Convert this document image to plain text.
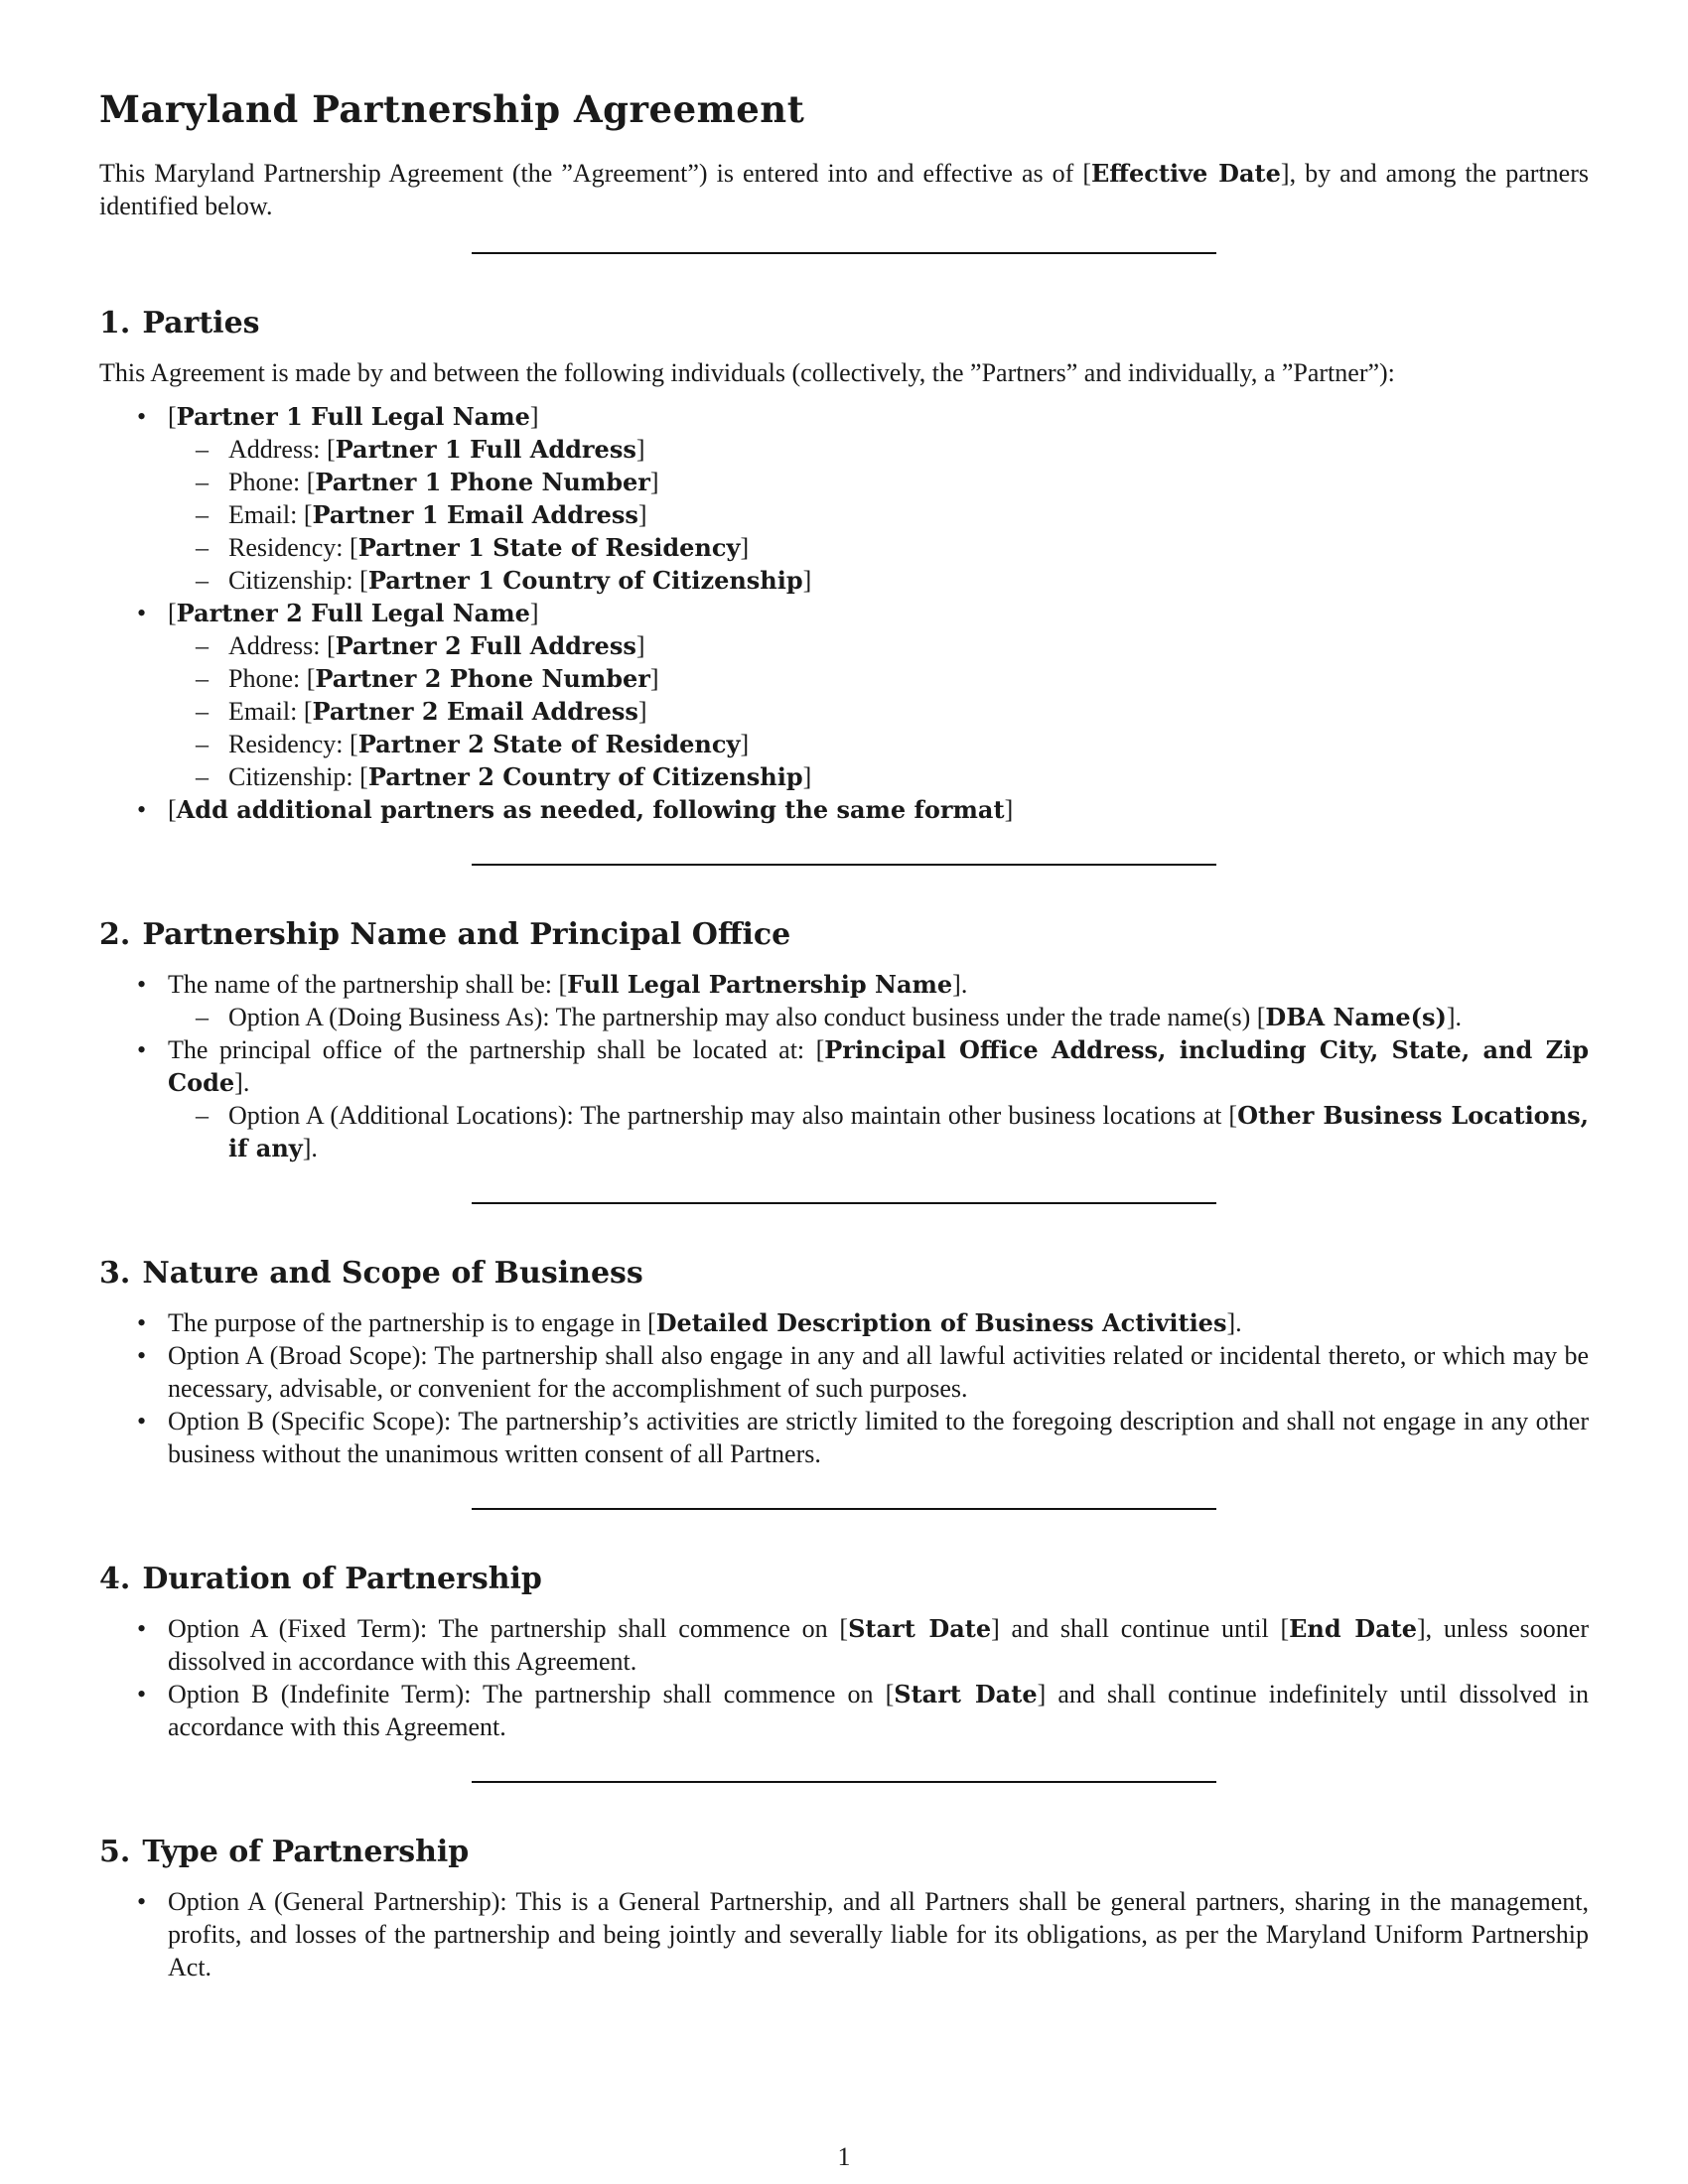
Maryland Partnership Agreement

This Maryland Partnership Agreement (the ”Agreement”) is entered into and effective as of [Effective Date], by and among the partners identified below.

1. Parties

This Agreement is made by and between the following individuals (collectively, the ”Partners” and individually, a ”Partner”):

• [Partner 1 Full Legal Name]
– Address: [Partner 1 Full Address]
– Phone: [Partner 1 Phone Number]
– Email: [Partner 1 Email Address]
– Residency: [Partner 1 State of Residency]
– Citizenship: [Partner 1 Country of Citizenship]
• [Partner 2 Full Legal Name]
– Address: [Partner 2 Full Address]
– Phone: [Partner 2 Phone Number]
– Email: [Partner 2 Email Address]
– Residency: [Partner 2 State of Residency]
– Citizenship: [Partner 2 Country of Citizenship]
• [Add additional partners as needed, following the same format]
2. Partnership Name and Principal Office
• The name of the partnership shall be: [Full Legal Partnership Name].
– Option A (Doing Business As): The partnership may also conduct business under the trade name(s) [DBA Name(s)].
• The principal office of the partnership shall be located at: [Principal Office Address, including City, State, and Zip Code].
– Option A (Additional Locations): The partnership may also maintain other business locations at [Other Business Locations, if any].
3. Nature and Scope of Business
• The purpose of the partnership is to engage in [Detailed Description of Business Activities].
• Option A (Broad Scope): The partnership shall also engage in any and all lawful activities related or incidental thereto, or which may be necessary, advisable, or convenient for the accomplishment of such purposes.
• Option B (Specific Scope): The partnership’s activities are strictly limited to the foregoing description and shall not engage in any other business without the unanimous written consent of all Partners.
4. Duration of Partnership
• Option A (Fixed Term): The partnership shall commence on [Start Date] and shall continue until [End Date], unless sooner dissolved in accordance with this Agreement.
• Option B (Indefinite Term): The partnership shall commence on [Start Date] and shall continue indefinitely until dissolved in accordance with this Agreement.
5. Type of Partnership
• Option A (General Partnership): This is a General Partnership, and all Partners shall be general partners, sharing in the management, profits, and losses of the partnership and being jointly and severally liable for its obligations, as per the Maryland Uniform Partnership Act.
1
